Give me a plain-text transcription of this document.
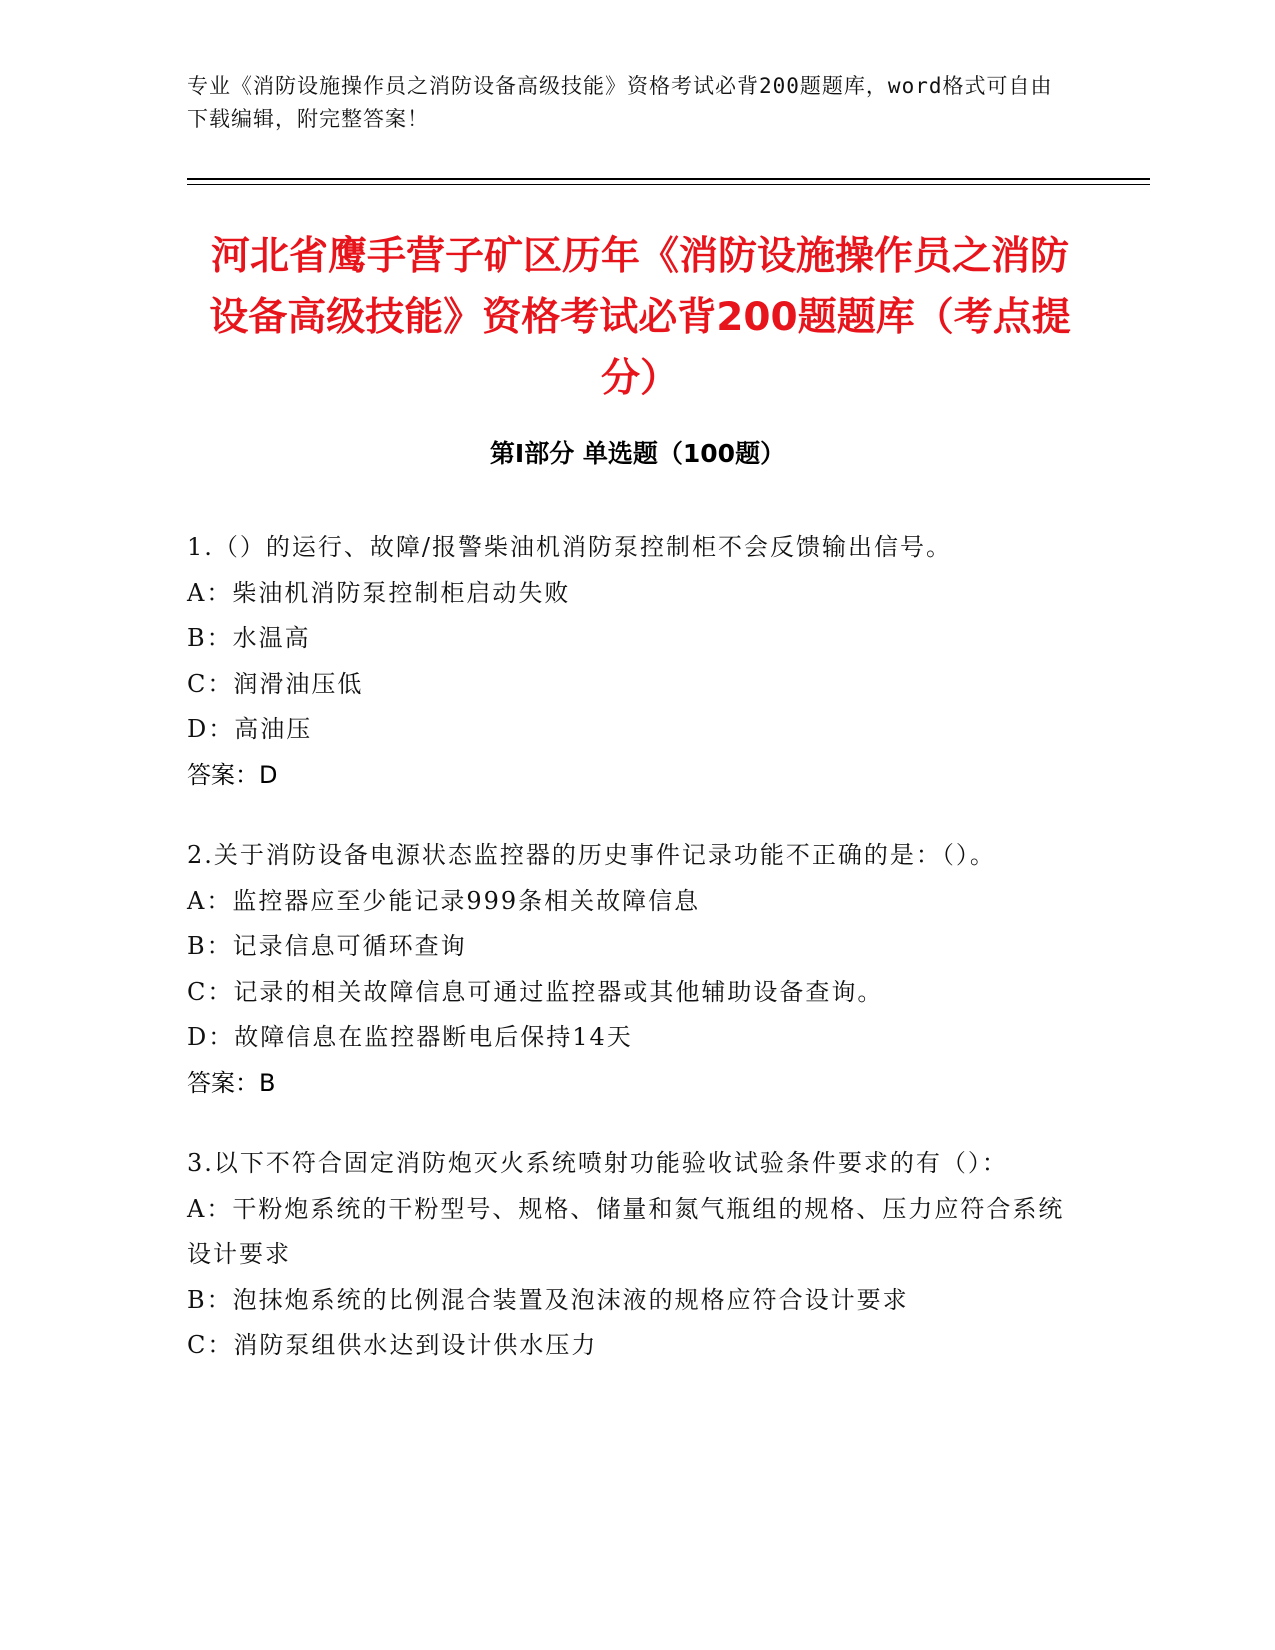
专业《消防设施操作员之消防设备高级技能》资格考试必背200题题库，word格式可自由下载编辑，附完整答案！
河北省鹰手营子矿区历年《消防设施操作员之消防设备高级技能》资格考试必背200题题库（考点提分）
第I部分 单选题（100题）

1.（）的运行、故障/报警柴油机消防泵控制柜不会反馈输出信号。

A：柴油机消防泵控制柜启动失败

B：水温高

C：润滑油压低

D：高油压

答案：D

2.关于消防设备电源状态监控器的历史事件记录功能不正确的是：（）。

A：监控器应至少能记录999条相关故障信息

B：记录信息可循环查询

C：记录的相关故障信息可通过监控器或其他辅助设备查询。

D：故障信息在监控器断电后保持14天

答案：B

3.以下不符合固定消防炮灭火系统喷射功能验收试验条件要求的有（）：

A：干粉炮系统的干粉型号、规格、储量和氮气瓶组的规格、压力应符合系统设计要求

B：泡抹炮系统的比例混合装置及泡沫液的规格应符合设计要求

C：消防泵组供水达到设计供水压力
